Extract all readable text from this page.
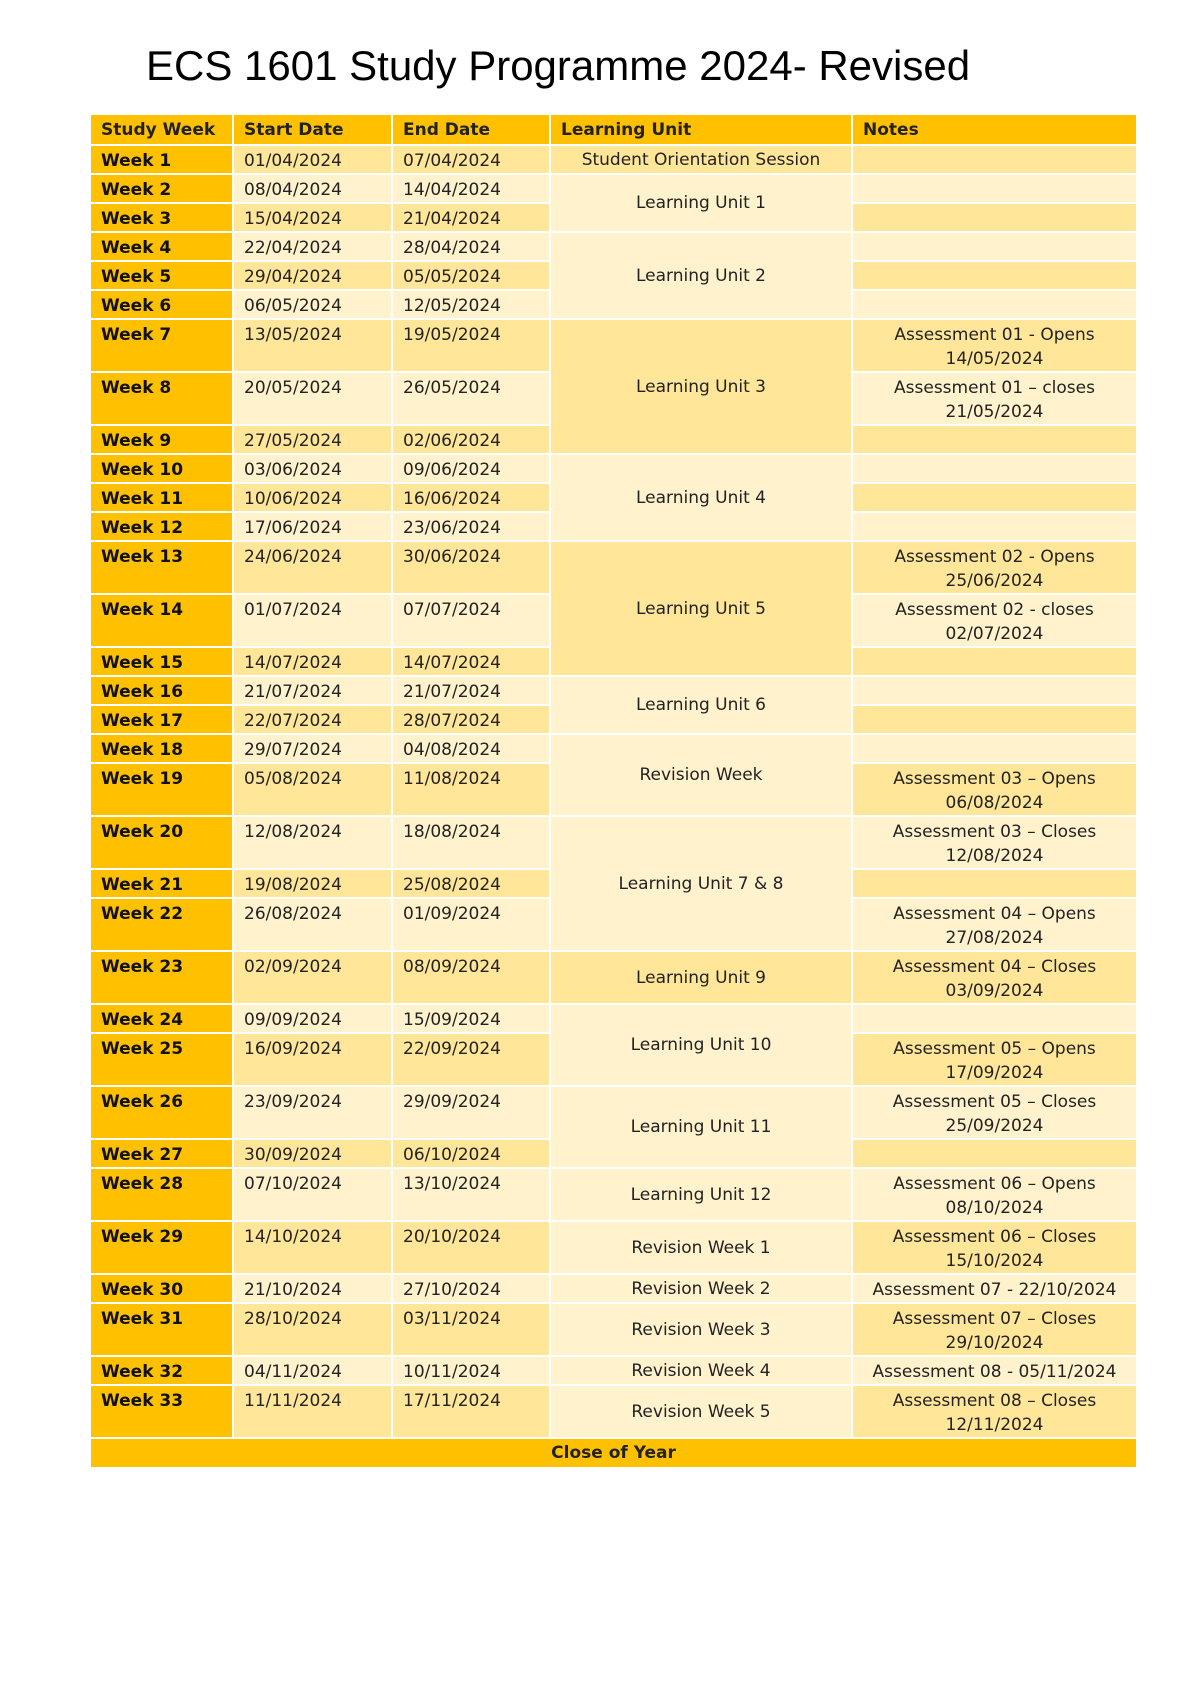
ECS 1601 Study Programme 2024- Revised
Study Week	Start Date	End Date	Learning Unit	Notes
Week 1	01/04/2024	07/04/2024	Student Orientation Session	

Week 2	08/04/2024	14/04/2024	Learning Unit 1	

Week 3	15/04/2024	21/04/2024		

Week 4	22/04/2024	28/04/2024	Learning Unit 2	

Week 5	29/04/2024	05/05/2024		

Week 6	06/05/2024	12/05/2024		

Week 7	13/05/2024	19/05/2024	Learning Unit 3	Assessment 01 - Opens
14/05/2024

Week 8	20/05/2024	26/05/2024		Assessment 01 – closes
21/05/2024

Week 9	27/05/2024	02/06/2024		

Week 10	03/06/2024	09/06/2024	Learning Unit 4	

Week 11	10/06/2024	16/06/2024		

Week 12	17/06/2024	23/06/2024		

Week 13	24/06/2024	30/06/2024	Learning Unit 5	Assessment 02 - Opens
25/06/2024

Week 14	01/07/2024	07/07/2024		Assessment 02 - closes
02/07/2024

Week 15	14/07/2024	14/07/2024		

Week 16	21/07/2024	21/07/2024	Learning Unit 6	

Week 17	22/07/2024	28/07/2024		

Week 18	29/07/2024	04/08/2024	Revision Week	

Week 19	05/08/2024	11/08/2024		Assessment 03 – Opens
06/08/2024

Week 20	12/08/2024	18/08/2024	Learning Unit 7 & 8	Assessment 03 – Closes
12/08/2024

Week 21	19/08/2024	25/08/2024		

Week 22	26/08/2024	01/09/2024		Assessment 04 – Opens
27/08/2024

Week 23	02/09/2024	08/09/2024	Learning Unit 9	Assessment 04 – Closes
03/09/2024

Week 24	09/09/2024	15/09/2024	Learning Unit 10	

Week 25	16/09/2024	22/09/2024		Assessment 05 – Opens
17/09/2024

Week 26	23/09/2024	29/09/2024	Learning Unit 11	Assessment 05 – Closes
25/09/2024

Week 27	30/09/2024	06/10/2024		

Week 28	07/10/2024	13/10/2024	Learning Unit 12	Assessment 06 – Opens
08/10/2024

Week 29	14/10/2024	20/10/2024	Revision Week 1	Assessment 06 – Closes
15/10/2024

Week 30	21/10/2024	27/10/2024	Revision Week 2	Assessment 07 - 22/10/2024

Week 31	28/10/2024	03/11/2024	Revision Week 3	Assessment 07 – Closes
29/10/2024

Week 32	04/11/2024	10/11/2024	Revision Week 4	Assessment 08 - 05/11/2024

Week 33	11/11/2024	17/11/2024	Revision Week 5	Assessment 08 – Closes
12/11/2024

Close of Year				
